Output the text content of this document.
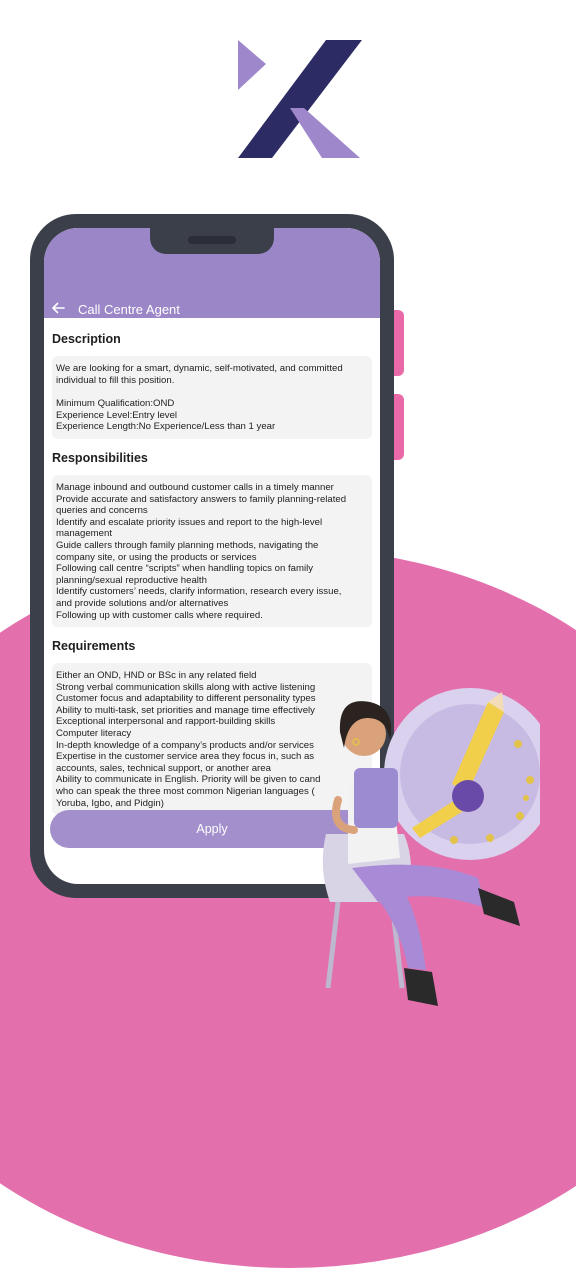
Call Centre Agent
Description
We are looking for a smart, dynamic, self-motivated, and committed
individual to fill this position.
Minimum Qualification:OND
Experience Level:Entry level
Experience Length:No Experience/Less than 1 year
Responsibilities
Manage inbound and outbound customer calls in a timely manner
Provide accurate and satisfactory answers to family planning-related
queries and concerns
Identify and escalate priority issues and report to the high-level
management
Guide callers through family planning methods, navigating the
company site, or using the products or services
Following call centre “scripts” when handling topics on family
planning/sexual reproductive health
Identify customers’ needs, clarify information, research every issue,
and provide solutions and/or alternatives
Following up with customer calls where required.
Requirements
Either an OND, HND or BSc in any related field
Strong verbal communication skills along with active listening
Customer focus and adaptability to different personality types
Ability to multi-task, set priorities and manage time effectively
Exceptional interpersonal and rapport-building skills
Computer literacy
In-depth knowledge of a company’s products and/or services
Expertise in the customer service area they focus in, such as
accounts, sales, technical support, or another area
Ability to communicate in English. Priority will be given to cand
who can speak the three most common Nigerian languages (
Yoruba, Igbo, and Pidgin)
Apply
